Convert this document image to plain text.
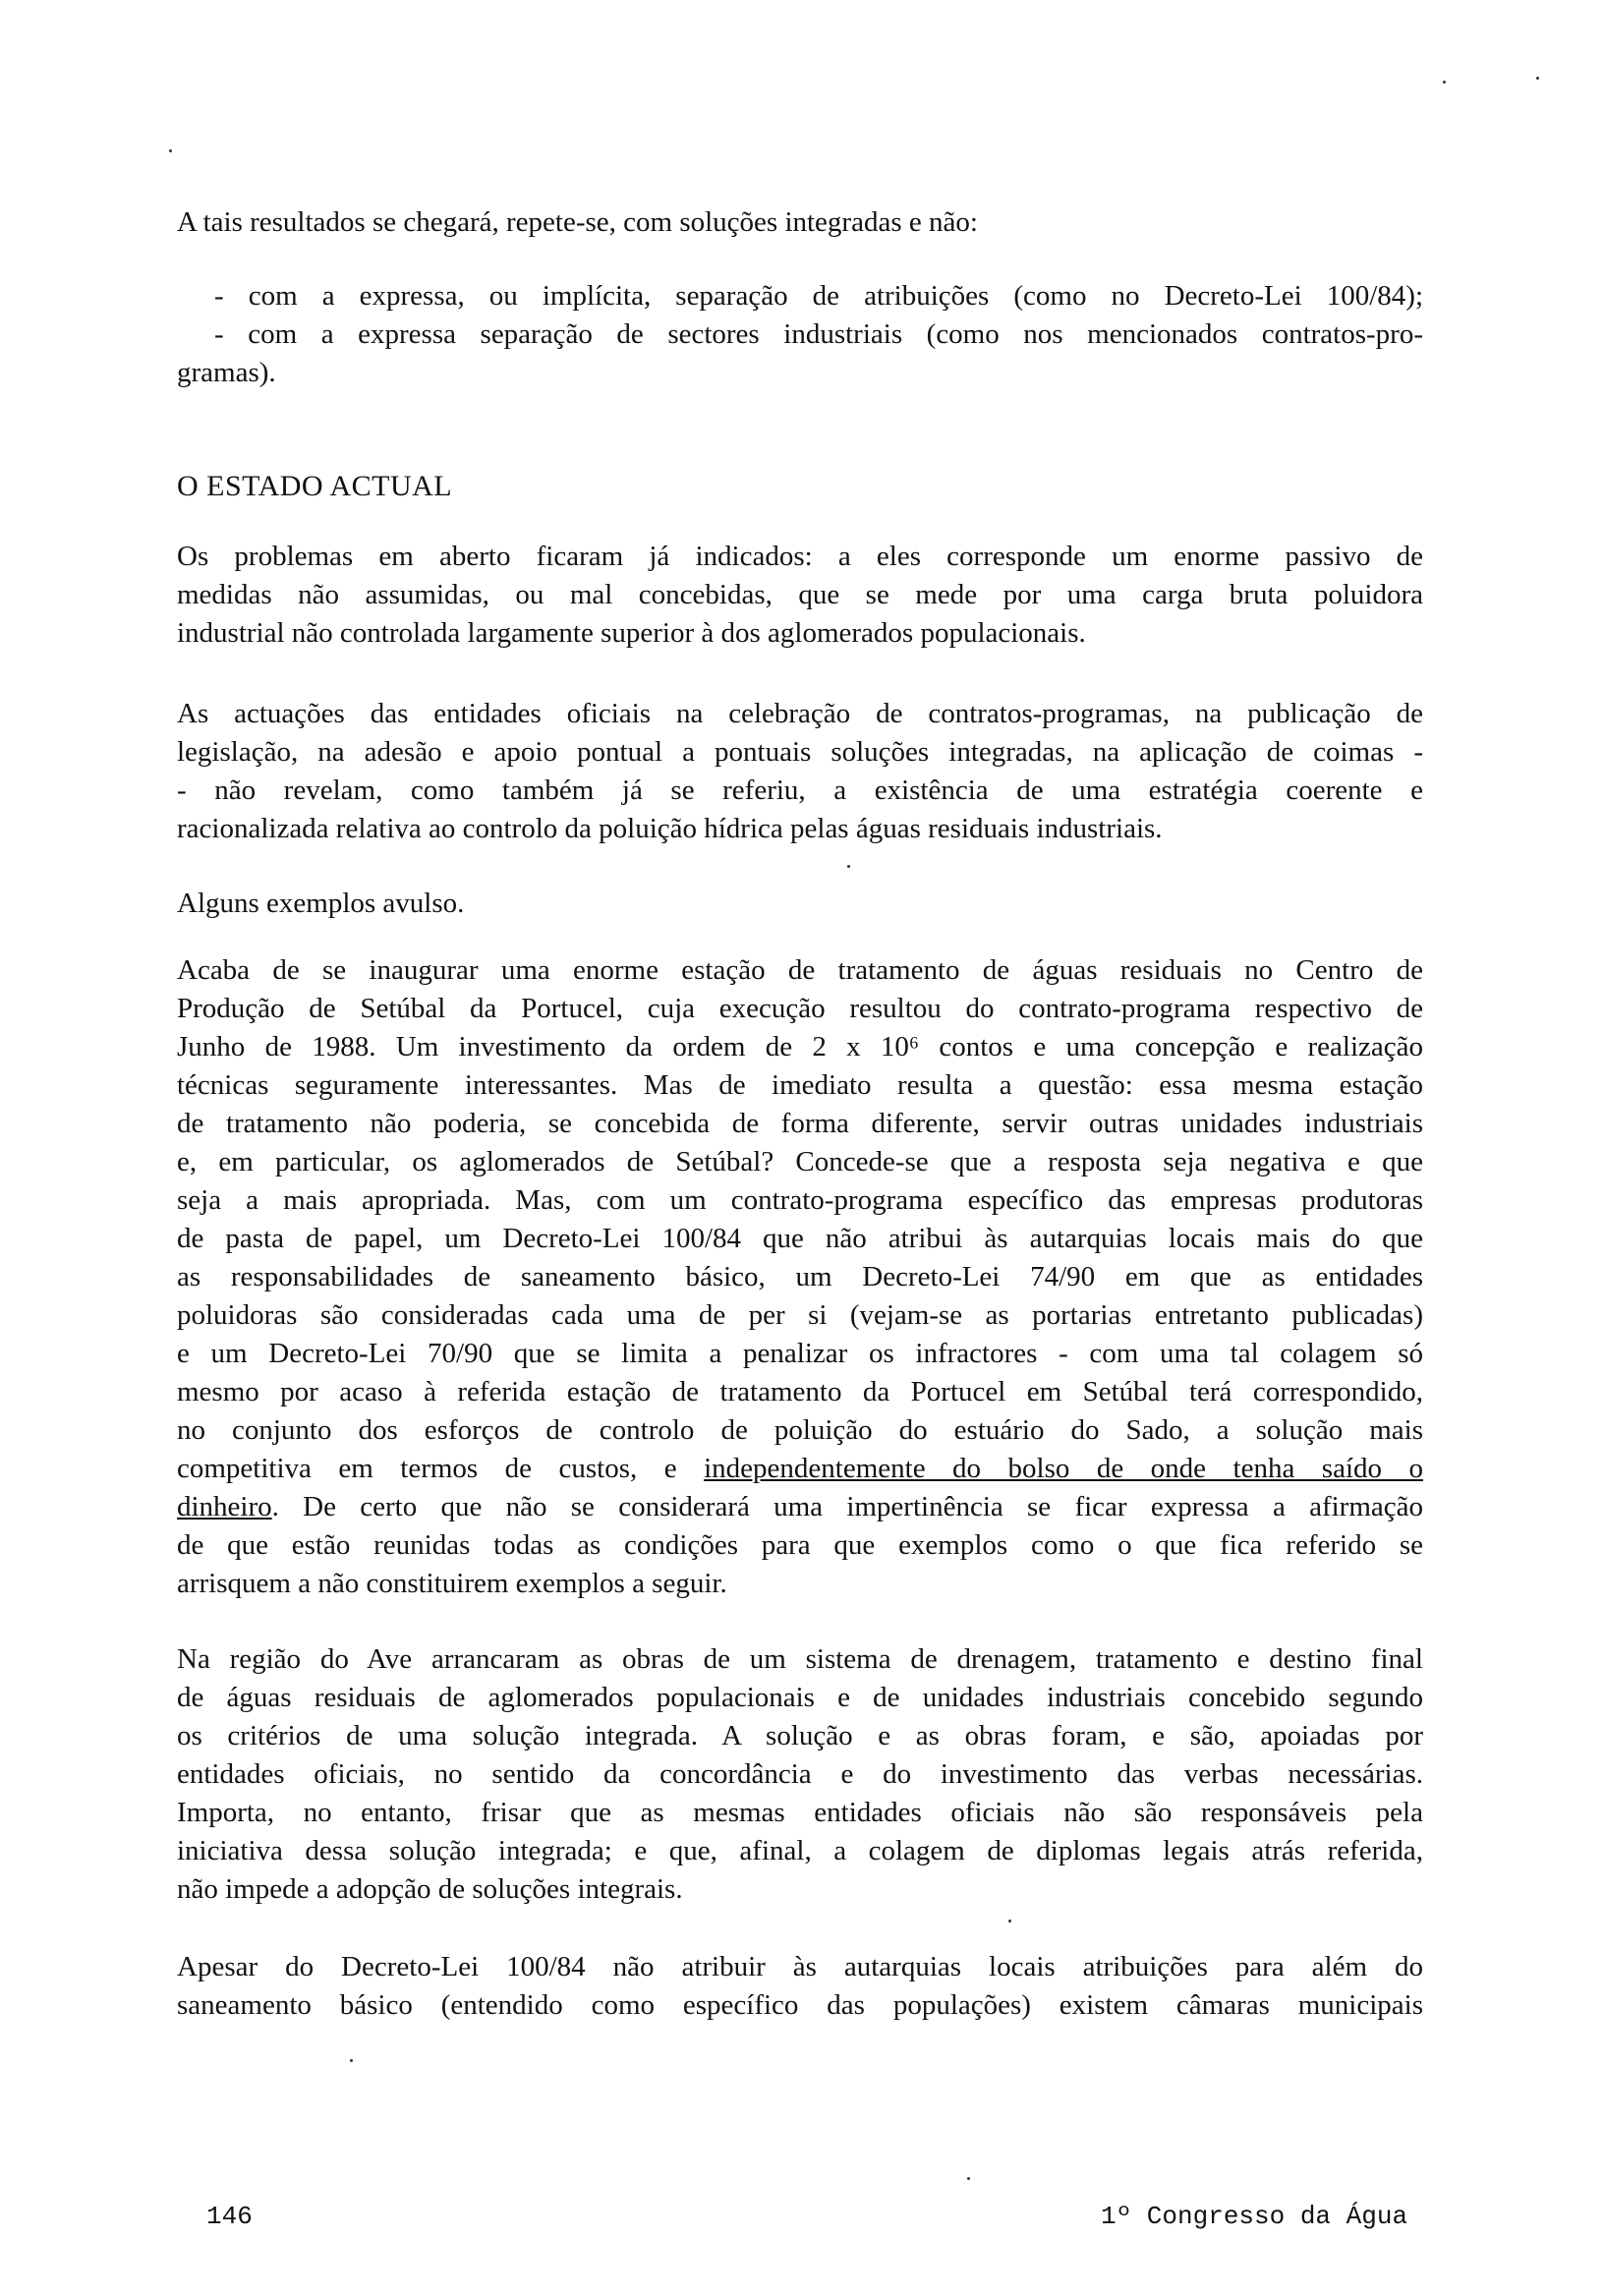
A tais resultados se chegará, repete-se, com soluções integradas e não:
- com a expressa, ou implícita, separação de atribuições (como no Decreto-Lei 100/84);
- com a expressa separação de sectores industriais (como nos mencionados contratos-pro-
gramas).
O ESTADO ACTUAL
Os problemas em aberto ficaram já indicados: a eles corresponde um enorme passivo de
medidas não assumidas, ou mal concebidas, que se mede por uma carga bruta poluidora
industrial não controlada largamente superior à dos aglomerados populacionais.
As actuações das entidades oficiais na celebração de contratos-programas, na publicação de
legislação, na adesão e apoio pontual a pontuais soluções integradas, na aplicação de coimas -
- não revelam, como também já se referiu, a existência de uma estratégia coerente e
racionalizada relativa ao controlo da poluição hídrica pelas águas residuais industriais.
Alguns exemplos avulso.
Acaba de se inaugurar uma enorme estação de tratamento de águas residuais no Centro de
Produção de Setúbal da Portucel, cuja execução resultou do contrato-programa respectivo de
Junho de 1988. Um investimento da ordem de 2 x 10⁶ contos e uma concepção e realização
técnicas seguramente interessantes. Mas de imediato resulta a questão: essa mesma estação
de tratamento não poderia, se concebida de forma diferente, servir outras unidades industriais
e, em particular, os aglomerados de Setúbal? Concede-se que a resposta seja negativa e que
seja a mais apropriada. Mas, com um contrato-programa específico das empresas produtoras
de pasta de papel, um Decreto-Lei 100/84 que não atribui às autarquias locais mais do que
as responsabilidades de saneamento básico, um Decreto-Lei 74/90 em que as entidades
poluidoras são consideradas cada uma de per si (vejam-se as portarias entretanto publicadas)
e um Decreto-Lei 70/90 que se limita a penalizar os infractores - com uma tal colagem só
mesmo por acaso à referida estação de tratamento da Portucel em Setúbal terá correspondido,
no conjunto dos esforços de controlo de poluição do estuário do Sado, a solução mais
competitiva em termos de custos, e independentemente do bolso de onde tenha saído o
dinheiro. De certo que não se considerará uma impertinência se ficar expressa a afirmação
de que estão reunidas todas as condições para que exemplos como o que fica referido se
arrisquem a não constituirem exemplos a seguir.
Na região do Ave arrancaram as obras de um sistema de drenagem, tratamento e destino final
de águas residuais de aglomerados populacionais e de unidades industriais concebido segundo
os critérios de uma solução integrada. A solução e as obras foram, e são, apoiadas por
entidades oficiais, no sentido da concordância e do investimento das verbas necessárias.
Importa, no entanto, frisar que as mesmas entidades oficiais não são responsáveis pela
iniciativa dessa solução integrada; e que, afinal, a colagem de diplomas legais atrás referida,
não impede a adopção de soluções integrais.
Apesar do Decreto-Lei 100/84 não atribuir às autarquias locais atribuições para além do
saneamento básico (entendido como específico das populações) existem câmaras municipais
146	1º Congresso da Água
